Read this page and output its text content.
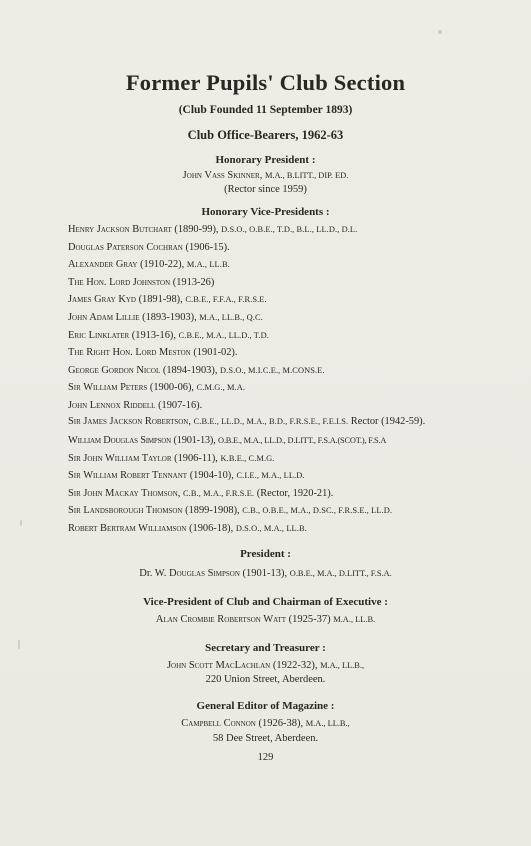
Former Pupils' Club Section
(Club Founded 11 September 1893)
Club Office-Bearers, 1962-63
Honorary President :
John Vass Skinner, M.A., B.LITT., DIP. ED.
(Rector since 1959)
Honorary Vice-Presidents :
Henry Jackson Butchart (1890-99), D.S.O., O.B.E., T.D., B.L., LL.D., D.L.
Douglas Paterson Cochran (1906-15).
Alexander Gray (1910-22), M.A., LL.B.
The Hon. Lord Johnston (1913-26)
James Gray Kyd (1891-98), C.B.E., F.F.A., F.R.S.E.
John Adam Lillie (1893-1903), M.A., LL.B., Q.C.
Eric Linklater (1913-16), C.B.E., M.A., LL.D., T.D.
The Right Hon. Lord Meston (1901-02).
George Gordon Nicol (1894-1903), D.S.O., M.I.C.E., M.CONS.E.
Sir William Peters (1900-06), C.M.G., M.A.
John Lennox Riddell (1907-16).
Sir James Jackson Robertson, C.B.E., LL.D., M.A., B.D., F.R.S.E., F.E.I.S. Rector (1942-59).
William Douglas Simpson (1901-13), O.B.E., M.A., LL.D., D.LITT., F.S.A.(SCOT.), F.S.A
Sir John William Taylor (1906-11), K.B.E., C.M.G.
Sir William Robert Tennant (1904-10), C.I.E., M.A., LL.D.
Sir John Mackay Thomson, C.B., M.A., F.R.S.E. (Rector, 1920-21).
Sir Landsborough Thomson (1899-1908), C.B., O.B.E., M.A., D.SC., F.R.S.E., LL.D.
Robert Bertram Williamson (1906-18), D.S.O., M.A., LL.B.
President :
Dr. W. Douglas Simpson (1901-13), O.B.E., M.A., D.LITT., F.S.A.
Vice-President of Club and Chairman of Executive :
Alan Crombie Robertson Watt (1925-37) M.A., LL.B.
Secretary and Treasurer :
John Scott MacLachlan (1922-32), M.A., LL.B.,
220 Union Street, Aberdeen.
General Editor of Magazine :
Campbell Connon (1926-38), M.A., LL.B.,
58 Dee Street, Aberdeen.
129
